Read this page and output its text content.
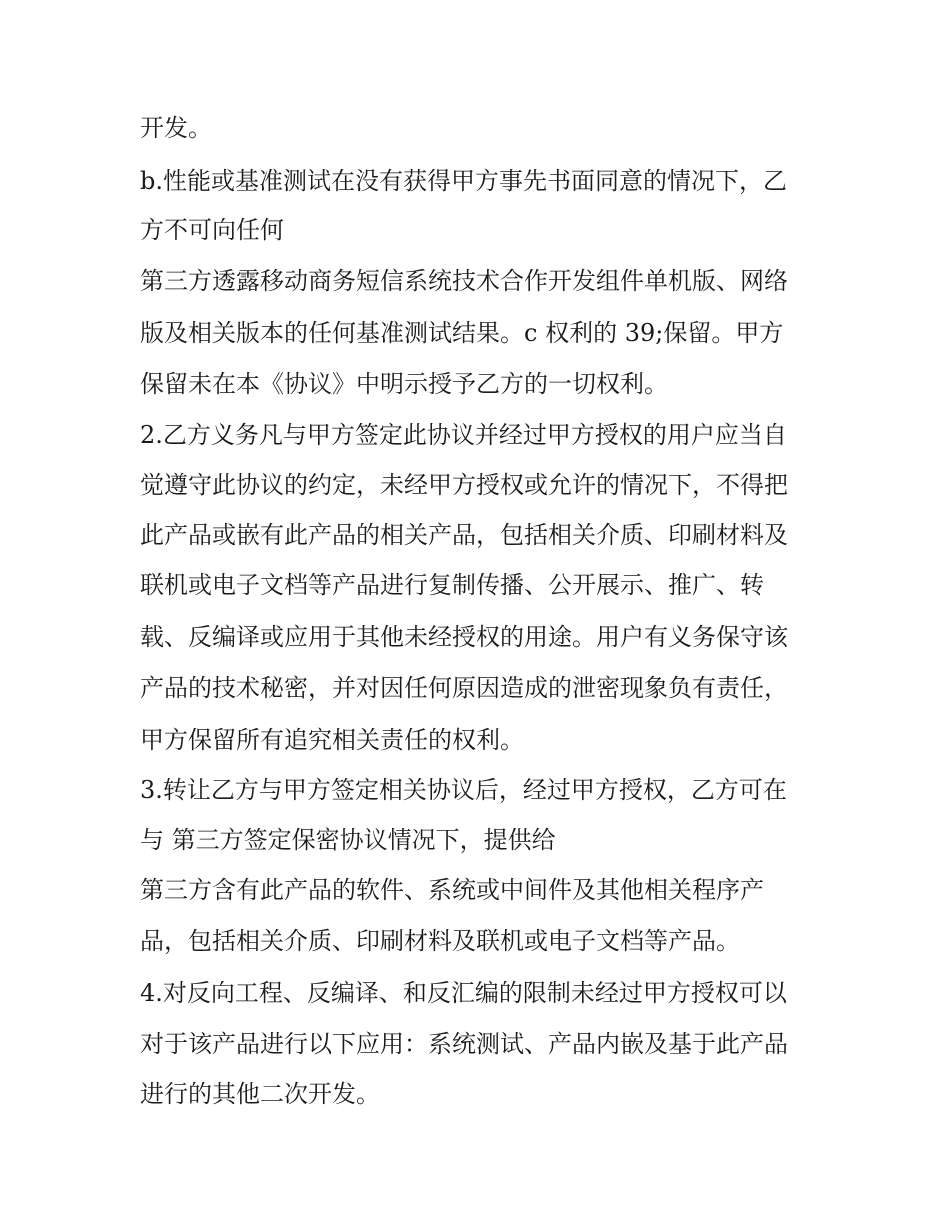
开发。
b.性能或基准测试在没有获得甲方事先书面同意的情况下，乙
方不可向任何
第三方透露移动商务短信系统技术合作开发组件单机版、网络
版及相关版本的任何基准测试结果。c 权利的 39;保留。甲方
保留未在本《协议》中明示授予乙方的一切权利。
2.乙方义务凡与甲方签定此协议并经过甲方授权的用户应当自
觉遵守此协议的约定，未经甲方授权或允许的情况下，不得把
此产品或嵌有此产品的相关产品，包括相关介质、印刷材料及
联机或电子文档等产品进行复制传播、公开展示、推广、转
载、反编译或应用于其他未经授权的用途。用户有义务保守该
产品的技术秘密，并对因任何原因造成的泄密现象负有责任，
甲方保留所有追究相关责任的权利。
3.转让乙方与甲方签定相关协议后，经过甲方授权，乙方可在
与 第三方签定保密协议情况下，提供给
第三方含有此产品的软件、系统或中间件及其他相关程序产
品，包括相关介质、印刷材料及联机或电子文档等产品。
4.对反向工程、反编译、和反汇编的限制未经过甲方授权可以
对于该产品进行以下应用：系统测试、产品内嵌及基于此产品
进行的其他二次开发。
